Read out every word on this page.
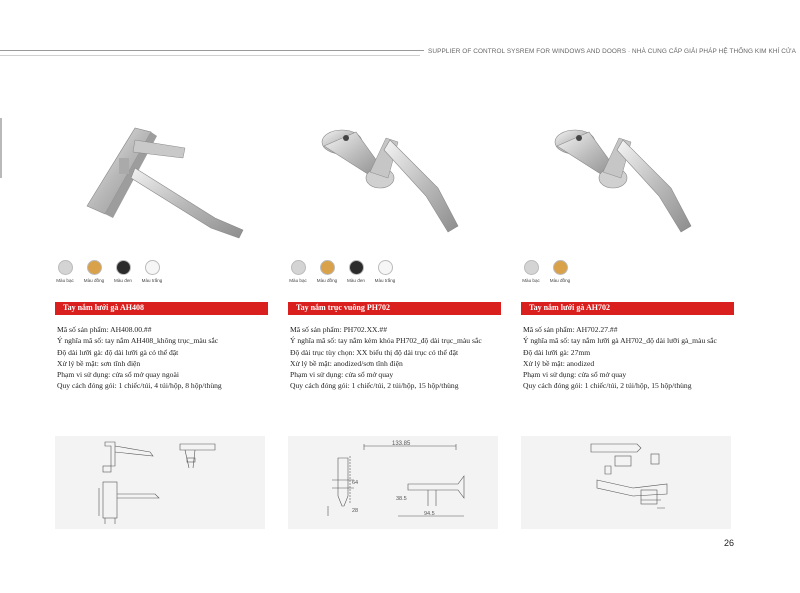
SUPPLIER OF CONTROL SYSREM FOR WINDOWS AND DOORS · NHÀ CUNG CẤP GIẢI PHÁP HỆ THỐNG KIM KHÍ CỬA
Màu bạc Màu đồng Màu đen Màu trắng
Tay nắm lưới gà AH408
Mã số sản phẩm: AH408.00.##
Ý nghĩa mã số: tay nắm AH408_không trục_màu sắc
Độ dài lưỡi gà: độ dài lưỡi gà có thể đặt
Xử lý bề mặt: sơn tĩnh điện
Phạm vi sử dụng: cửa sổ mở quay ngoài
Quy cách đóng gói: 1 chiếc/túi, 4 túi/hộp, 8 hộp/thùng
Màu bạc Màu đồng Màu đen Màu trắng
Tay nắm trục vuông PH702
Mã số sản phẩm: PH702.XX.##
Ý nghĩa mã số: tay nắm kèm khóa PH702_độ dài trục_màu sắc
Độ dài trục tùy chọn: XX biểu thị độ dài trục có thể đặt
Xử lý bề mặt: anodized/sơn tĩnh điện
Phạm vi sử dụng: cửa sổ mở quay
Quy cách đóng gói: 1 chiếc/túi, 2 túi/hộp, 15 hộp/thùng
133.85
64
28	94.5
38.5
Màu bạc Màu đồng
Tay nắm lưới gà AH702
Mã số sản phẩm: AH702.27.##
Ý nghĩa mã số: tay nắm lưỡi gà AH702_độ dài lưỡi gà_màu sắc
Độ dài lưỡi gà: 27mm
Xử lý bề mặt: anodized
Phạm vi sử dụng: cửa sổ mở quay
Quy cách đóng gói: 1 chiếc/túi, 2 túi/hộp, 15 hộp/thùng
26
